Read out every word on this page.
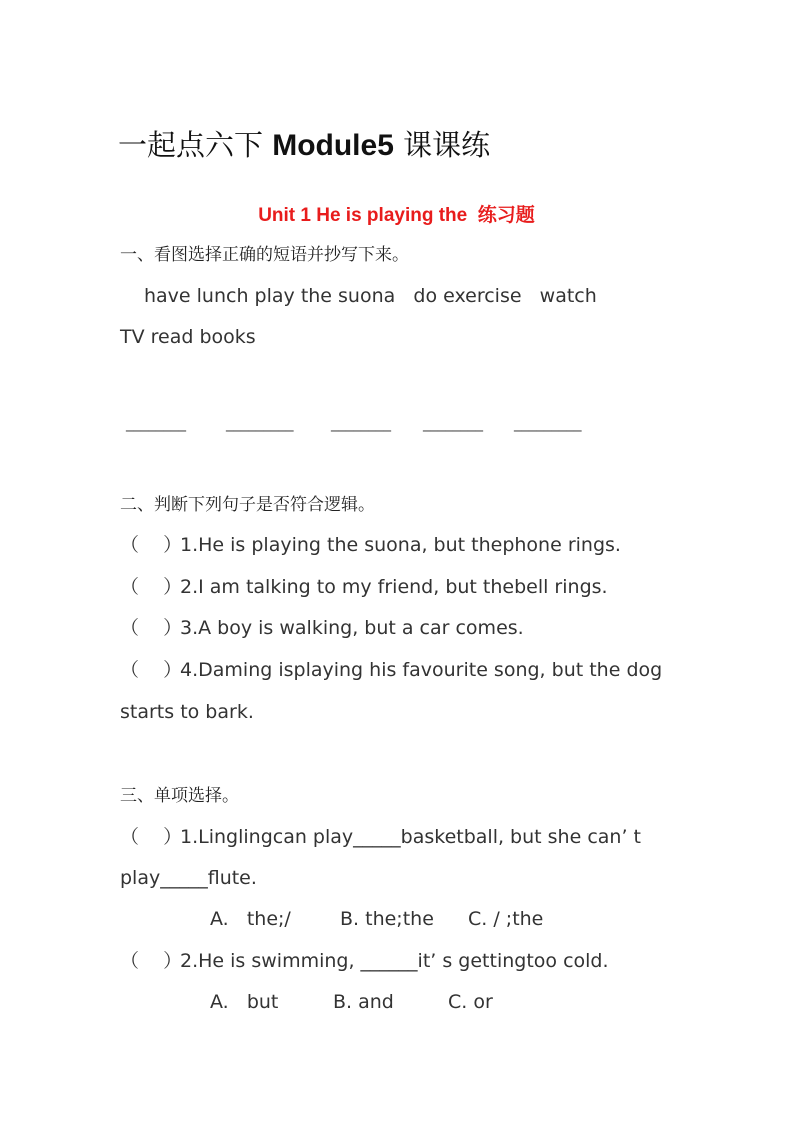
一起点六下 Module5 课课练
Unit 1 He is playing the  练习题
一、看图选择正确的短语并抄写下来。
have lunch play the suona   do exercise   watch
TV read books
________	_________	________ ________ _________
二、判断下列句子是否符合逻辑。
（    ）1.He is playing the suona, but thephone rings.
（    ）2.I am talking to my friend, but thebell rings.
（    ）3.A boy is walking, but a car comes.
（    ）4.Daming isplaying his favourite song, but the dog
starts to bark.
三、单项选择。
（    ）1.Linglingcan play_____basketball, but she can’ t
play_____flute.
A.   the;/	B. the;the C. / ;the
（    ）2.He is swimming, ______it’ s gettingtoo cold.
A.   but	B. and	C. or
